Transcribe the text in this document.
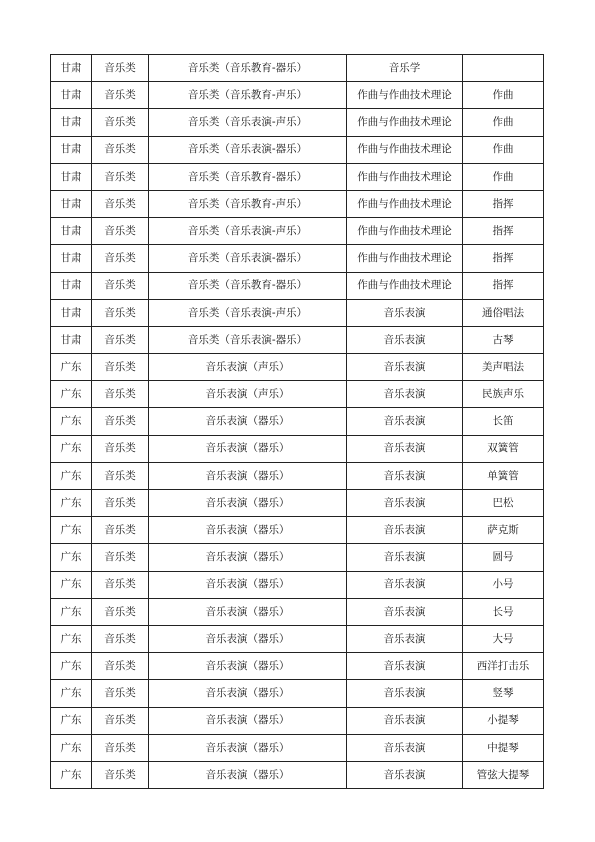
甘肃	音乐类	音乐类（音乐教育-器乐）	音乐学	
甘肃	音乐类	音乐类（音乐教育-声乐）	作曲与作曲技术理论	作曲
甘肃	音乐类	音乐类（音乐表演-声乐）	作曲与作曲技术理论	作曲
甘肃	音乐类	音乐类（音乐表演-器乐）	作曲与作曲技术理论	作曲
甘肃	音乐类	音乐类（音乐教育-器乐）	作曲与作曲技术理论	作曲
甘肃	音乐类	音乐类（音乐教育-声乐）	作曲与作曲技术理论	指挥
甘肃	音乐类	音乐类（音乐表演-声乐）	作曲与作曲技术理论	指挥
甘肃	音乐类	音乐类（音乐表演-器乐）	作曲与作曲技术理论	指挥
甘肃	音乐类	音乐类（音乐教育-器乐）	作曲与作曲技术理论	指挥
甘肃	音乐类	音乐类（音乐表演-声乐）	音乐表演	通俗唱法
甘肃	音乐类	音乐类（音乐表演-器乐）	音乐表演	古琴
广东	音乐类	音乐表演（声乐）	音乐表演	美声唱法
广东	音乐类	音乐表演（声乐）	音乐表演	民族声乐
广东	音乐类	音乐表演（器乐）	音乐表演	长笛
广东	音乐类	音乐表演（器乐）	音乐表演	双簧管
广东	音乐类	音乐表演（器乐）	音乐表演	单簧管
广东	音乐类	音乐表演（器乐）	音乐表演	巴松
广东	音乐类	音乐表演（器乐）	音乐表演	萨克斯
广东	音乐类	音乐表演（器乐）	音乐表演	圆号
广东	音乐类	音乐表演（器乐）	音乐表演	小号
广东	音乐类	音乐表演（器乐）	音乐表演	长号
广东	音乐类	音乐表演（器乐）	音乐表演	大号
广东	音乐类	音乐表演（器乐）	音乐表演	西洋打击乐
广东	音乐类	音乐表演（器乐）	音乐表演	竖琴
广东	音乐类	音乐表演（器乐）	音乐表演	小提琴
广东	音乐类	音乐表演（器乐）	音乐表演	中提琴
广东	音乐类	音乐表演（器乐）	音乐表演	管弦大提琴
